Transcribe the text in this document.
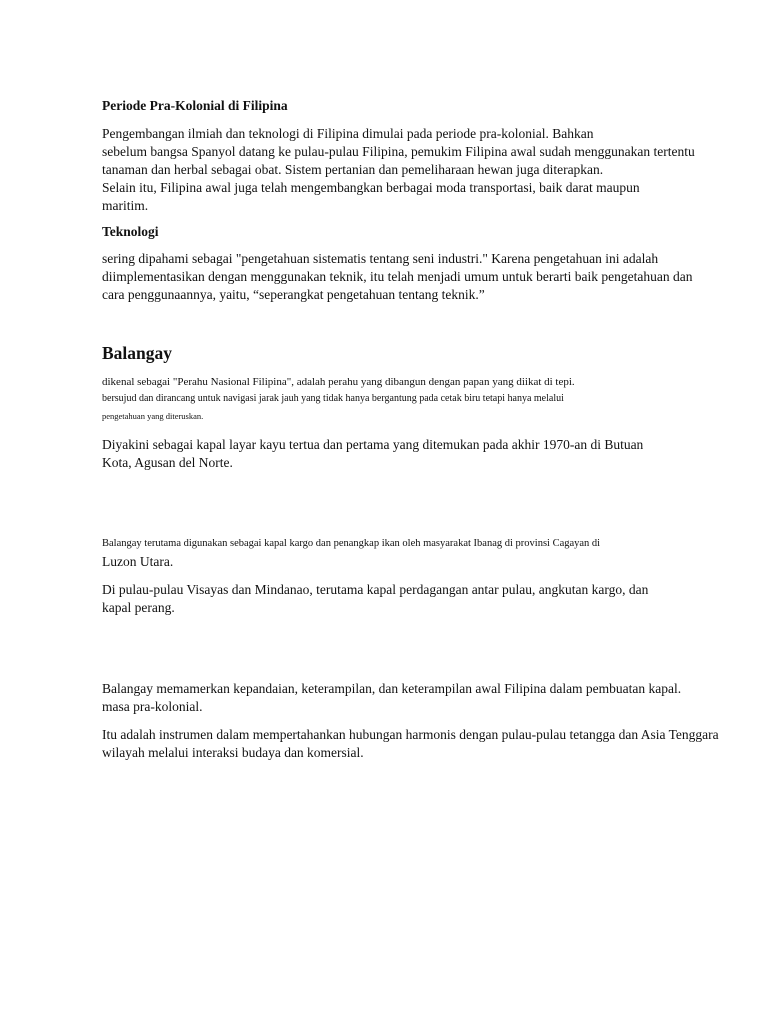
Periode Pra-Kolonial di Filipina
Pengembangan ilmiah dan teknologi di Filipina dimulai pada periode pra-kolonial. Bahkan
sebelum bangsa Spanyol datang ke pulau-pulau Filipina, pemukim Filipina awal sudah menggunakan tertentu
tanaman dan herbal sebagai obat. Sistem pertanian dan pemeliharaan hewan juga diterapkan.
Selain itu, Filipina awal juga telah mengembangkan berbagai moda transportasi, baik darat maupun
maritim.
Teknologi
sering dipahami sebagai "pengetahuan sistematis tentang seni industri." Karena pengetahuan ini adalah
diimplementasikan dengan menggunakan teknik, itu telah menjadi umum untuk berarti baik pengetahuan dan
cara penggunaannya, yaitu, “seperangkat pengetahuan tentang teknik.”
Balangay
dikenal sebagai "Perahu Nasional Filipina", adalah perahu yang dibangun dengan papan yang diikat di tepi.
bersujud dan dirancang untuk navigasi jarak jauh yang tidak hanya bergantung pada cetak biru tetapi hanya melalui
pengetahuan yang diteruskan.
Diyakini sebagai kapal layar kayu tertua dan pertama yang ditemukan pada akhir 1970-an di Butuan
Kota, Agusan del Norte.
Balangay terutama digunakan sebagai kapal kargo dan penangkap ikan oleh masyarakat Ibanag di provinsi Cagayan di
Luzon Utara.
Di pulau-pulau Visayas dan Mindanao, terutama kapal perdagangan antar pulau, angkutan kargo, dan
kapal perang.
Balangay memamerkan kepandaian, keterampilan, dan keterampilan awal Filipina dalam pembuatan kapal.
masa pra-kolonial.
Itu adalah instrumen dalam mempertahankan hubungan harmonis dengan pulau-pulau tetangga dan Asia Tenggara
wilayah melalui interaksi budaya dan komersial.
